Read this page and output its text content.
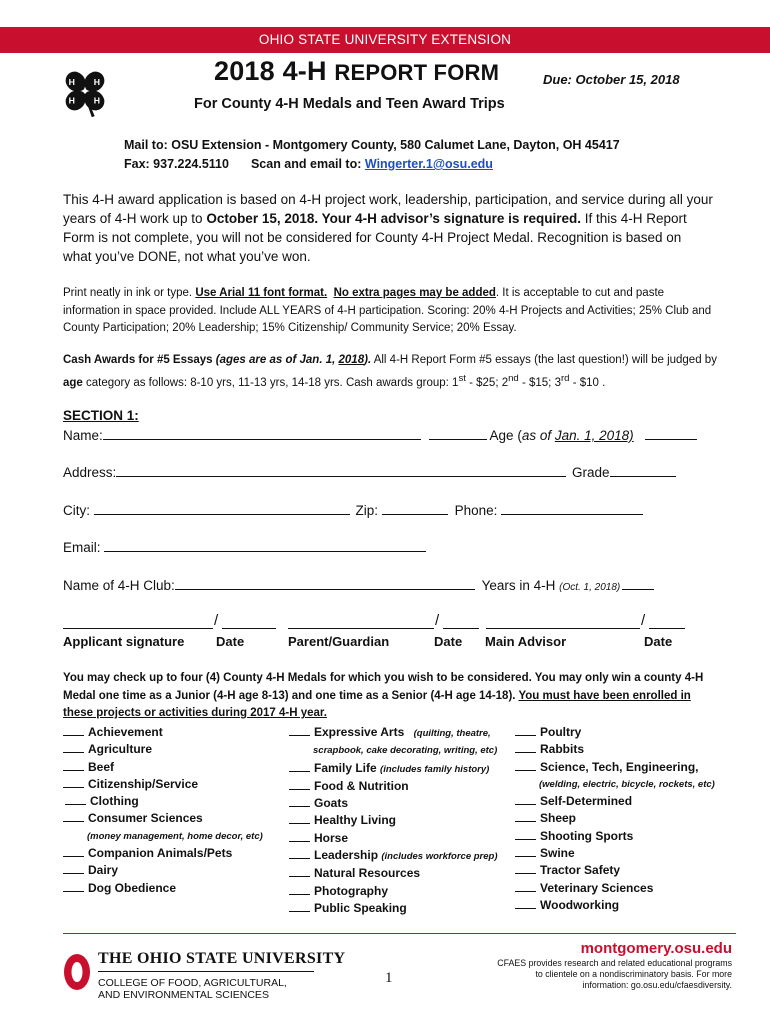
OHIO STATE UNIVERSITY EXTENSION
H H
H H
2018 4-H REPORT FORM	Due: October 15, 2018
For County 4-H Medals and Teen Award Trips
Mail to: OSU Extension - Montgomery County, 580 Calumet Lane, Dayton, OH 45417
Fax: 937.224.5110 Scan and email to: Wingerter.1@osu.edu
This 4-H award application is based on 4-H project work, leadership, participation, and service during all your years of 4-H work up to October 15, 2018. Your 4-H advisor’s signature is required. If this 4-H Report Form is not complete, you will not be considered for County 4-H Project Medal. Recognition is based on what you’ve DONE, not what you’ve won.
Print neatly in ink or type. Use Arial 11 font format. No extra pages may be added. It is acceptable to cut and paste information in space provided. Include ALL YEARS of 4-H participation. Scoring: 20% 4-H Projects and Activities; 25% Club and County Participation; 20% Leadership; 15% Citizenship/ Community Service; 20% Essay.
Cash Awards for #5 Essays (ages are as of Jan. 1, 2018). All 4-H Report Form #5 essays (the last question!) will be judged by age category as follows: 8-10 yrs, 11-13 yrs, 14-18 yrs. Cash awards group: 1st - $25; 2nd - $15; 3rd - $10 .
SECTION 1:
Name:	Age (as of Jan. 1, 2018)
Address:	Grade
City:	Zip:	Phone:
Email:
Name of 4-H Club:	Years in 4-H (Oct. 1, 2018)
/	/	/
Applicant signature Date	Parent/Guardian	Date Main Advisor	Date
You may check up to four (4) County 4-H Medals for which you wish to be considered. You may only win a county 4-H Medal one time as a Junior (4-H age 8-13) and one time as a Senior (4-H age 14-18). You must have been enrolled in these projects or activities during 2017 4-H year.
Achievement
Agriculture
Beef
Citizenship/Service
Clothing
Consumer Sciences
(money management, home decor, etc)
Companion Animals/Pets
Dairy
Dog Obedience
Expressive Arts (quilting, theatre,
scrapbook, cake decorating, writing, etc)
Family Life (includes family history)
Food & Nutrition
Goats
Healthy Living
Horse
Leadership (includes workforce prep)
Natural Resources
Photography
Public Speaking
Poultry
Rabbits
Science, Tech, Engineering,
(welding, electric, bicycle, rockets, etc)
Self-Determined
Sheep
Shooting Sports
Swine
Tractor Safety
Veterinary Sciences
Woodworking
THE OHIO STATE UNIVERSITY
COLLEGE OF FOOD, AGRICULTURAL,
AND ENVIRONMENTAL SCIENCES
1
montgomery.osu.edu
CFAES provides research and related educational programs to clientele on a nondiscriminatory basis. For more information: go.osu.edu/cfaesdiversity.
